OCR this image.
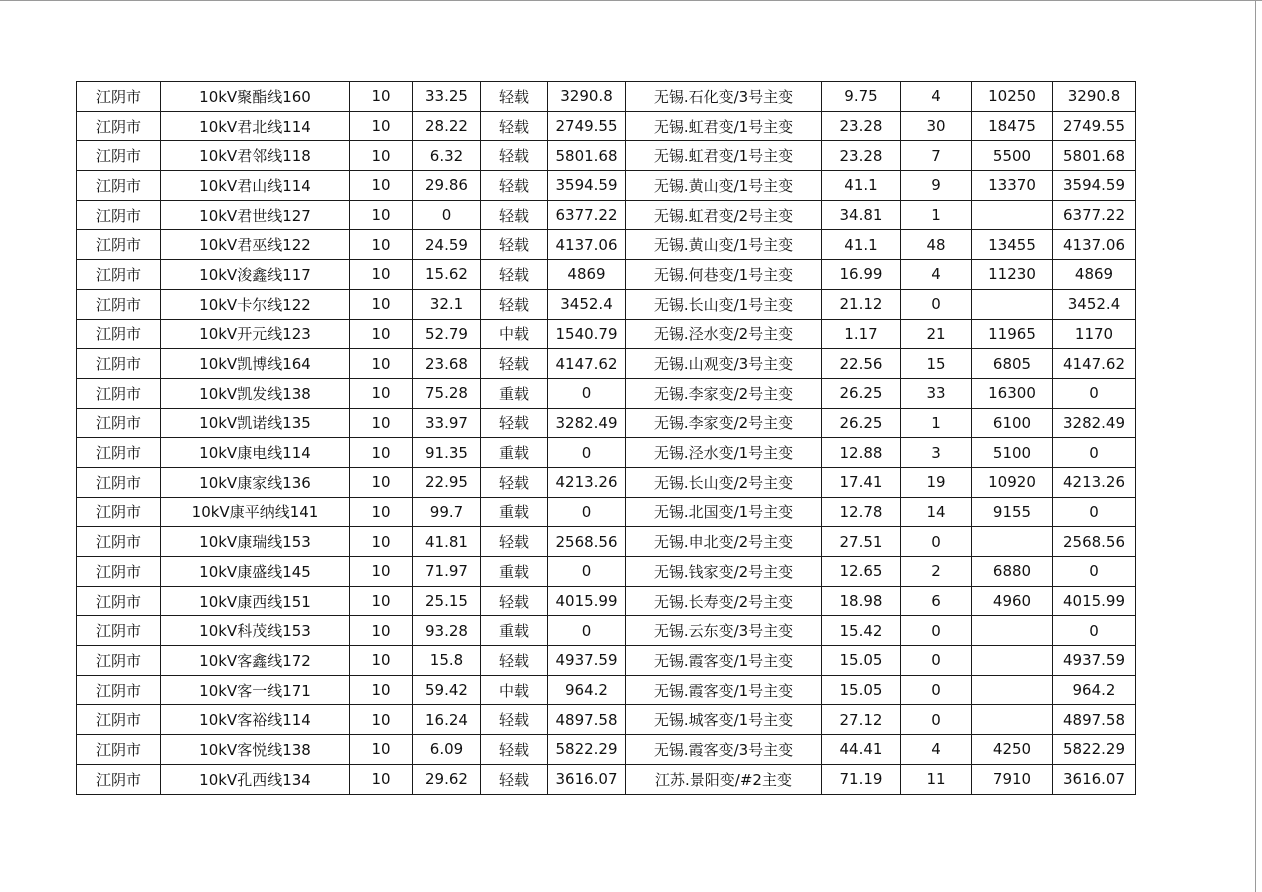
江阴市	10kV聚酯线160	10	33.25	轻载	3290.8	无锡.石化变/3号主变	9.75	4	10250	3290.8
江阴市	10kV君北线114	10	28.22	轻载	2749.55	无锡.虹君变/1号主变	23.28	30	18475	2749.55
江阴市	10kV君邻线118	10	6.32	轻载	5801.68	无锡.虹君变/1号主变	23.28	7	5500	5801.68
江阴市	10kV君山线114	10	29.86	轻载	3594.59	无锡.黄山变/1号主变	41.1	9	13370	3594.59
江阴市	10kV君世线127	10	0	轻载	6377.22	无锡.虹君变/2号主变	34.81	1		6377.22
江阴市	10kV君巫线122	10	24.59	轻载	4137.06	无锡.黄山变/1号主变	41.1	48	13455	4137.06
江阴市	10kV浚鑫线117	10	15.62	轻载	4869	无锡.何巷变/1号主变	16.99	4	11230	4869
江阴市	10kV卡尔线122	10	32.1	轻载	3452.4	无锡.长山变/1号主变	21.12	0		3452.4
江阴市	10kV开元线123	10	52.79	中载	1540.79	无锡.泾水变/2号主变	1.17	21	11965	1170
江阴市	10kV凯博线164	10	23.68	轻载	4147.62	无锡.山观变/3号主变	22.56	15	6805	4147.62
江阴市	10kV凯发线138	10	75.28	重载	0	无锡.李家变/2号主变	26.25	33	16300	0
江阴市	10kV凯诺线135	10	33.97	轻载	3282.49	无锡.李家变/2号主变	26.25	1	6100	3282.49
江阴市	10kV康电线114	10	91.35	重载	0	无锡.泾水变/1号主变	12.88	3	5100	0
江阴市	10kV康家线136	10	22.95	轻载	4213.26	无锡.长山变/2号主变	17.41	19	10920	4213.26
江阴市	10kV康平纳线141	10	99.7	重载	0	无锡.北国变/1号主变	12.78	14	9155	0
江阴市	10kV康瑞线153	10	41.81	轻载	2568.56	无锡.申北变/2号主变	27.51	0		2568.56
江阴市	10kV康盛线145	10	71.97	重载	0	无锡.钱家变/2号主变	12.65	2	6880	0
江阴市	10kV康西线151	10	25.15	轻载	4015.99	无锡.长寿变/2号主变	18.98	6	4960	4015.99
江阴市	10kV科茂线153	10	93.28	重载	0	无锡.云东变/3号主变	15.42	0		0
江阴市	10kV客鑫线172	10	15.8	轻载	4937.59	无锡.霞客变/1号主变	15.05	0		4937.59
江阴市	10kV客一线171	10	59.42	中载	964.2	无锡.霞客变/1号主变	15.05	0		964.2
江阴市	10kV客裕线114	10	16.24	轻载	4897.58	无锡.城客变/1号主变	27.12	0		4897.58
江阴市	10kV客悦线138	10	6.09	轻载	5822.29	无锡.霞客变/3号主变	44.41	4	4250	5822.29
江阴市	10kV孔西线134	10	29.62	轻载	3616.07	江苏.景阳变/#2主变	71.19	11	7910	3616.07
